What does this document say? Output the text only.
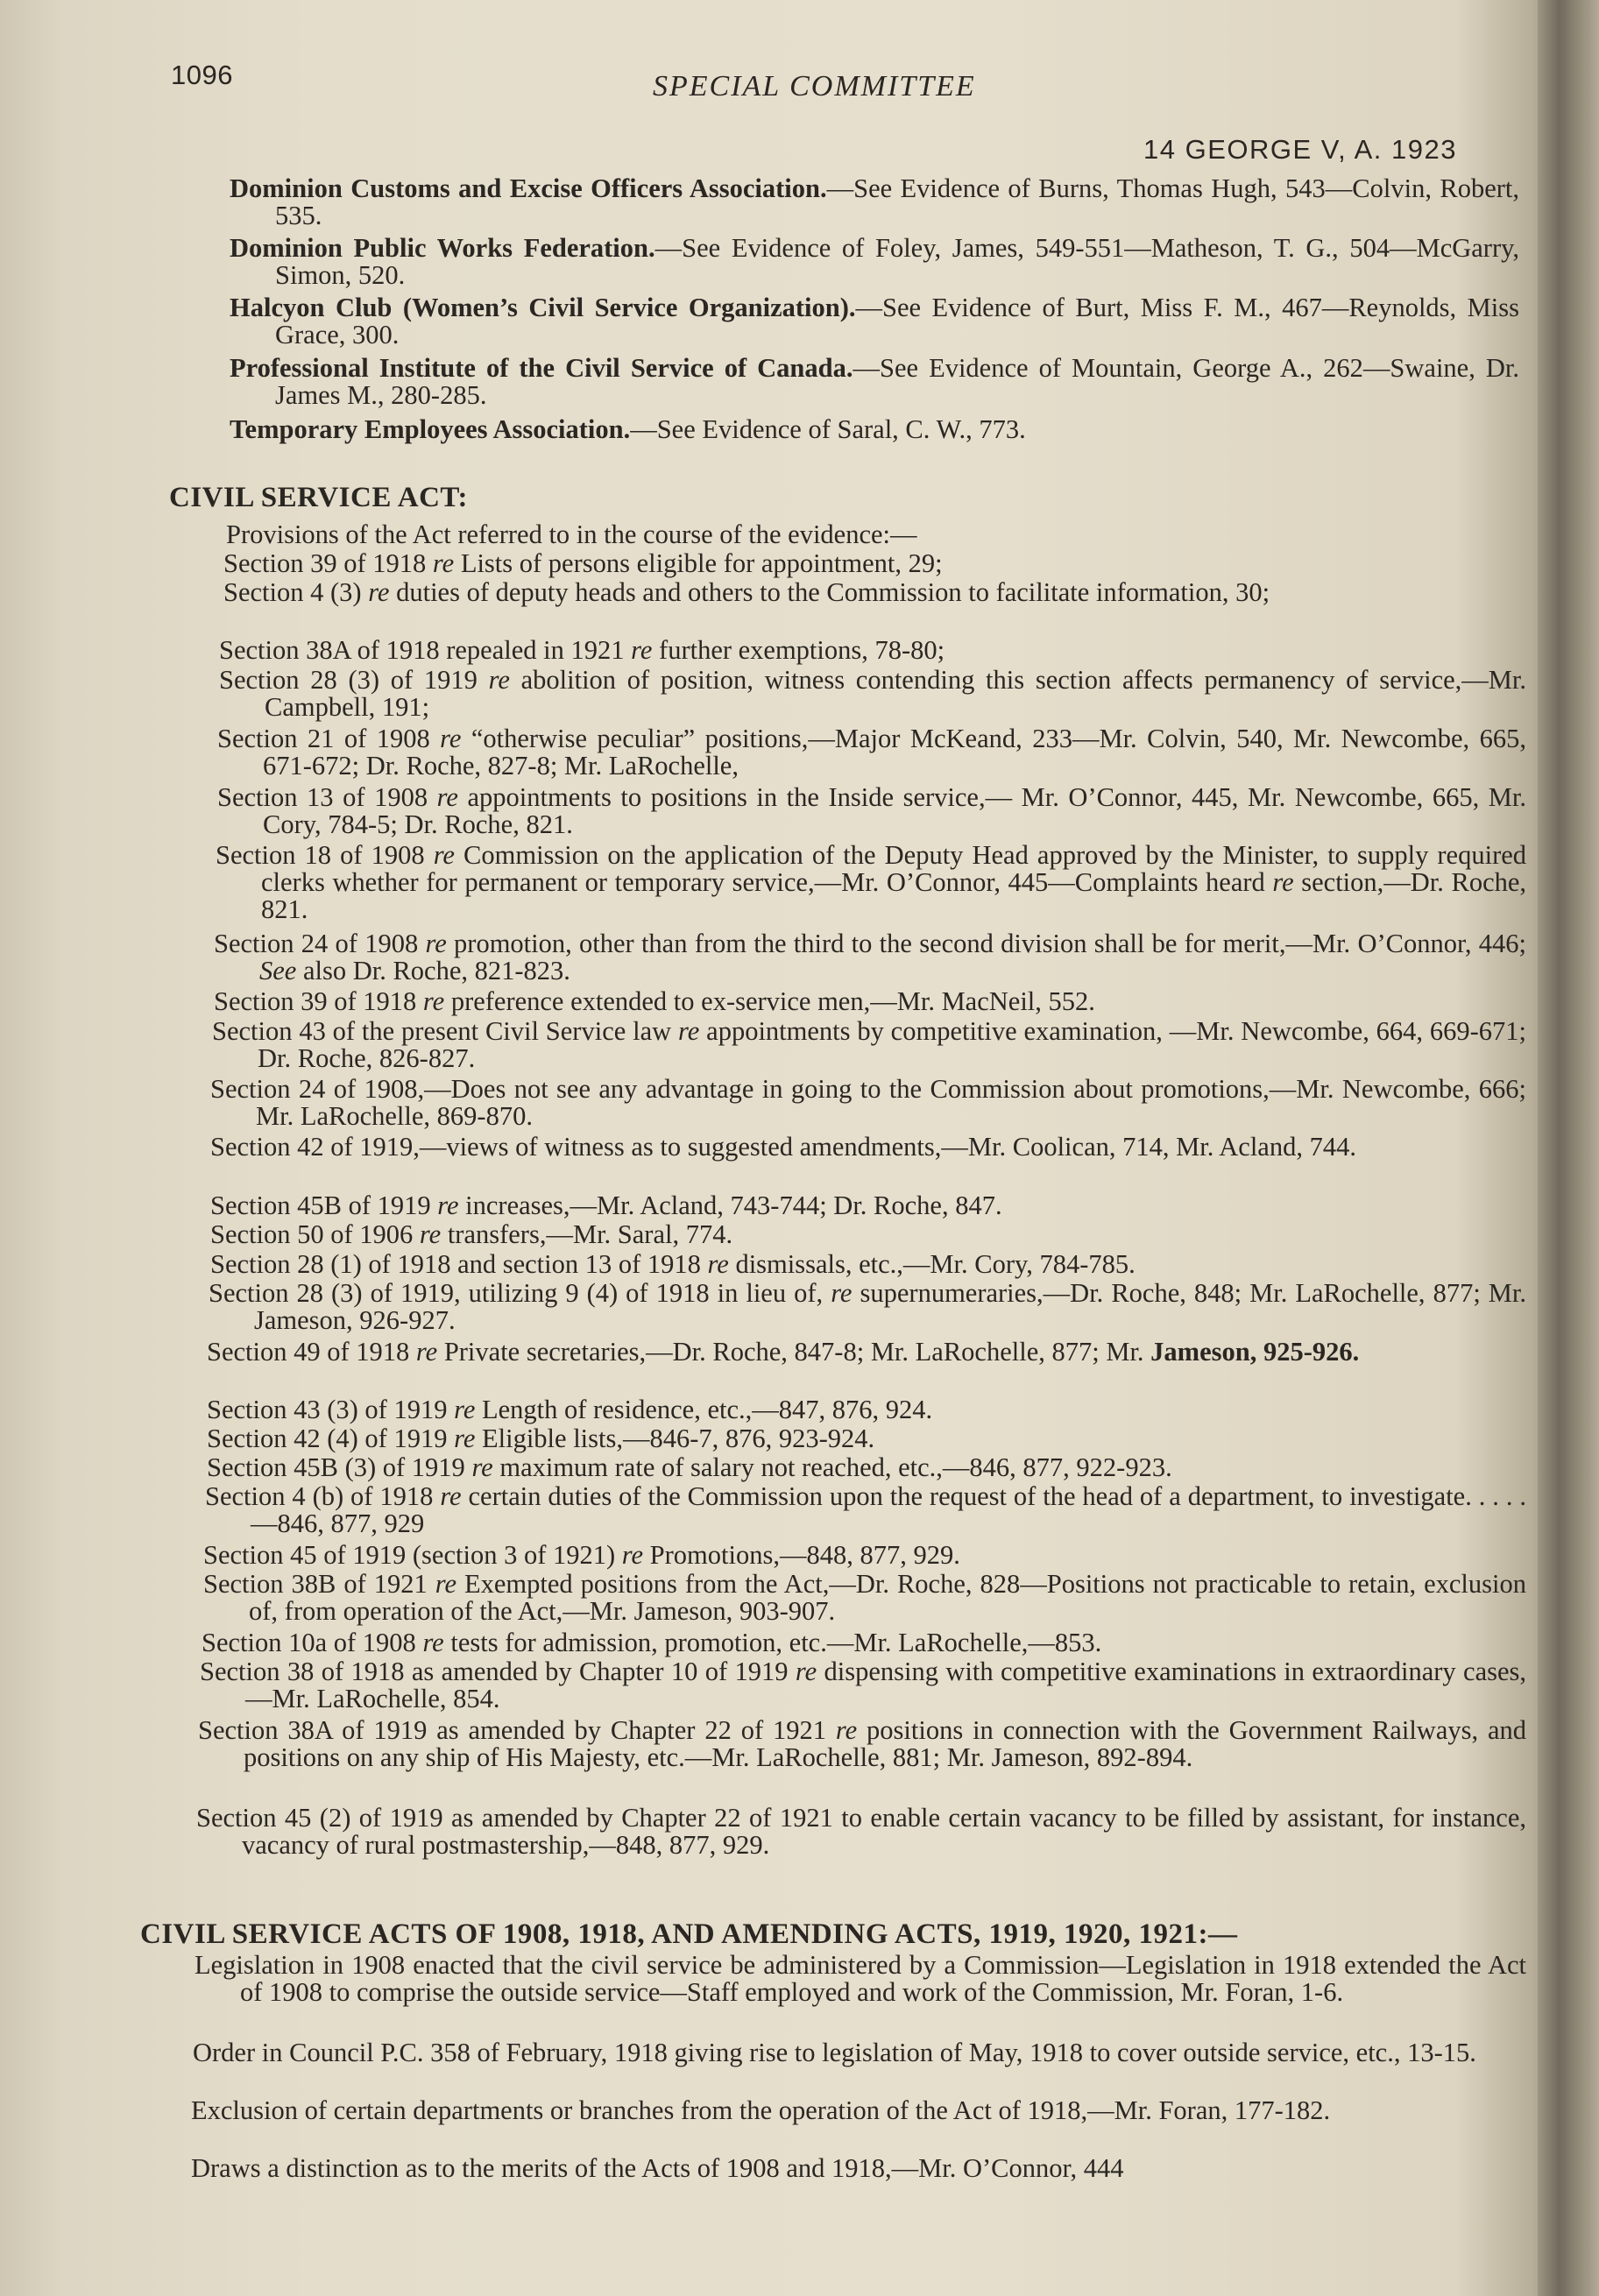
1096	SPECIAL COMMITTEE
14 GEORGE V, A. 1923
Dominion Customs and Excise Officers Association.—See Evidence of Burns, Thomas Hugh, 543—Colvin, Robert, 535.
Dominion Public Works Federation.—See Evidence of Foley, James, 549-551—Matheson, T. G., 504—McGarry, Simon, 520.
Halcyon Club (Women’s Civil Service Organization).—See Evidence of Burt, Miss F. M., 467—Reynolds, Miss Grace, 300.
Professional Institute of the Civil Service of Canada.—See Evidence of Mountain, George A., 262—Swaine, Dr. James M., 280-285.
Temporary Employees Association.—See Evidence of Saral, C. W., 773.
CIVIL SERVICE ACT:
Provisions of the Act referred to in the course of the evidence:—
Section 39 of 1918 re Lists of persons eligible for appointment, 29;
Section 4 (3) re duties of deputy heads and others to the Commission to facilitate information, 30;
Section 38A of 1918 repealed in 1921 re further exemptions, 78-80;
Section 28 (3) of 1919 re abolition of position, witness contending this section affects permanency of service,—Mr. Campbell, 191;
Section 21 of 1908 re “otherwise peculiar” positions,—Major McKeand, 233—Mr. Colvin, 540, Mr. Newcombe, 665, 671-672; Dr. Roche, 827-8; Mr. LaRochelle,
Section 13 of 1908 re appointments to positions in the Inside service,— Mr. O’Connor, 445, Mr. Newcombe, 665, Mr. Cory, 784-5; Dr. Roche, 821.
Section 18 of 1908 re Commission on the application of the Deputy Head approved by the Minister, to supply required clerks whether for permanent or temporary service,—Mr. O’Connor, 445—Complaints heard re section,—Dr. Roche, 821.
Section 24 of 1908 re promotion, other than from the third to the second division shall be for merit,—Mr. O’Connor, 446; See also Dr. Roche, 821-823.
Section 39 of 1918 re preference extended to ex-service men,—Mr. MacNeil, 552.
Section 43 of the present Civil Service law re appointments by competitive examination, —Mr. Newcombe, 664, 669-671; Dr. Roche, 826-827.
Section 24 of 1908,—Does not see any advantage in going to the Commission about promotions,—Mr. Newcombe, 666; Mr. LaRochelle, 869-870.
Section 42 of 1919,—views of witness as to suggested amendments,—Mr. Coolican, 714, Mr. Acland, 744.
Section 45B of 1919 re increases,—Mr. Acland, 743-744; Dr. Roche, 847.
Section 50 of 1906 re transfers,—Mr. Saral, 774.
Section 28 (1) of 1918 and section 13 of 1918 re dismissals, etc.,—Mr. Cory, 784-785.
Section 28 (3) of 1919, utilizing 9 (4) of 1918 in lieu of, re supernumeraries,—Dr. Roche, 848; Mr. LaRochelle, 877; Mr. Jameson, 926-927.
Section 49 of 1918 re Private secretaries,—Dr. Roche, 847-8; Mr. LaRochelle, 877; Mr. Jameson, 925-926.
Section 43 (3) of 1919 re Length of residence, etc.,—847, 876, 924.
Section 42 (4) of 1919 re Eligible lists,—846-7, 876, 923-924.
Section 45B (3) of 1919 re maximum rate of salary not reached, etc.,—846, 877, 922-923.
Section 4 (b) of 1918 re certain duties of the Commission upon the request of the head of a department, to investigate. . . . .—846, 877, 929
Section 45 of 1919 (section 3 of 1921) re Promotions,—848, 877, 929.
Section 38B of 1921 re Exempted positions from the Act,—Dr. Roche, 828—Positions not practicable to retain, exclusion of, from operation of the Act,—Mr. Jameson, 903-907.
Section 10a of 1908 re tests for admission, promotion, etc.—Mr. LaRochelle,—853.
Section 38 of 1918 as amended by Chapter 10 of 1919 re dispensing with competitive examinations in extraordinary cases,—Mr. LaRochelle, 854.
Section 38A of 1919 as amended by Chapter 22 of 1921 re positions in connection with the Government Railways, and positions on any ship of His Majesty, etc.—Mr. LaRochelle, 881; Mr. Jameson, 892-894.
Section 45 (2) of 1919 as amended by Chapter 22 of 1921 to enable certain vacancy to be filled by assistant, for instance, vacancy of rural postmastership,—848, 877, 929.
CIVIL SERVICE ACTS OF 1908, 1918, AND AMENDING ACTS, 1919, 1920, 1921:—
Legislation in 1908 enacted that the civil service be administered by a Commission—Legislation in 1918 extended the Act of 1908 to comprise the outside service—Staff employed and work of the Commission, Mr. Foran, 1-6.
Order in Council P.C. 358 of February, 1918 giving rise to legislation of May, 1918 to cover outside service, etc., 13-15.
Exclusion of certain departments or branches from the operation of the Act of 1918,—Mr. Foran, 177-182.
Draws a distinction as to the merits of the Acts of 1908 and 1918,—Mr. O’Connor, 444
